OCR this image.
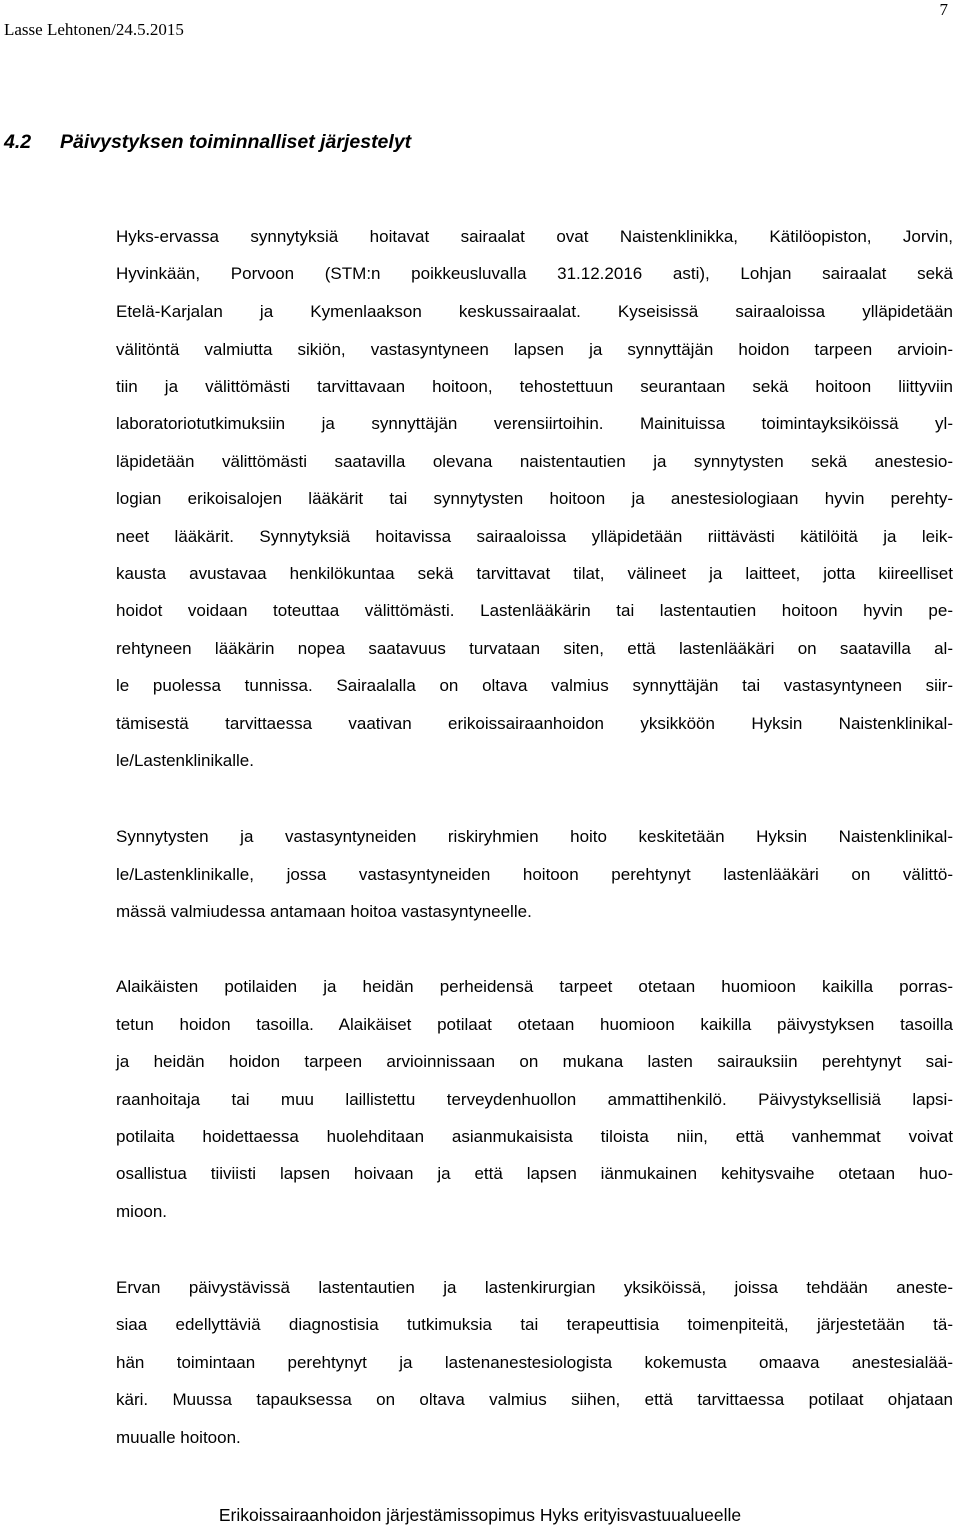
Lasse Lehtonen/24.5.2015
7
4.2 Päivystyksen toiminnalliset järjestelyt
Hyks-ervassa synnytyksiä hoitavat sairaalat ovat Naistenklinikka, Kätilöopiston, Jorvin,
Hyvinkään, Porvoon (STM:n poikkeusluvalla 31.12.2016 asti), Lohjan sairaalat sekä
Etelä-Karjalan ja Kymenlaakson keskussairaalat. Kyseisissä sairaaloissa ylläpidetään
välitöntä valmiutta sikiön, vastasyntyneen lapsen ja synnyttäjän hoidon tarpeen arvioin-
tiin ja välittömästi tarvittavaan hoitoon, tehostettuun seurantaan sekä hoitoon liittyviin
laboratoriotutkimuksiin ja synnyttäjän verensiirtoihin. Mainituissa toimintayksiköissä yl-
läpidetään välittömästi saatavilla olevana naistentautien ja synnytysten sekä anestesio-
logian erikoisalojen lääkärit tai synnytysten hoitoon ja anestesiologiaan hyvin perehty-
neet lääkärit. Synnytyksiä hoitavissa sairaaloissa ylläpidetään riittävästi kätilöitä ja leik-
kausta avustavaa henkilökuntaa sekä tarvittavat tilat, välineet ja laitteet, jotta kiireelliset
hoidot voidaan toteuttaa välittömästi. Lastenlääkärin tai lastentautien hoitoon hyvin pe-
rehtyneen lääkärin nopea saatavuus turvataan siten, että lastenlääkäri on saatavilla al-
le puolessa tunnissa. Sairaalalla on oltava valmius synnyttäjän tai vastasyntyneen siir-
tämisestä tarvittaessa vaativan erikoissairaanhoidon yksikköön Hyksin Naistenklinikal-
le/Lastenklinikalle.
Synnytysten ja vastasyntyneiden riskiryhmien hoito keskitetään Hyksin Naistenklinikal-
le/Lastenklinikalle, jossa vastasyntyneiden hoitoon perehtynyt lastenlääkäri on välittö-
mässä valmiudessa antamaan hoitoa vastasyntyneelle.
Alaikäisten potilaiden ja heidän perheidensä tarpeet otetaan huomioon kaikilla porras-
tetun hoidon tasoilla. Alaikäiset potilaat otetaan huomioon kaikilla päivystyksen tasoilla
ja heidän hoidon tarpeen arvioinnissaan on mukana lasten sairauksiin perehtynyt sai-
raanhoitaja tai muu laillistettu terveydenhuollon ammattihenkilö. Päivystyksellisiä lapsi-
potilaita hoidettaessa huolehditaan asianmukaisista tiloista niin, että vanhemmat voivat
osallistua tiiviisti lapsen hoivaan ja että lapsen iänmukainen kehitysvaihe otetaan huo-
mioon.
Ervan päivystävissä lastentautien ja lastenkirurgian yksiköissä, joissa tehdään aneste-
siaa edellyttäviä diagnostisia tutkimuksia tai terapeuttisia toimenpiteitä, järjestetään tä-
hän toimintaan perehtynyt ja lastenanestesiologista kokemusta omaava anestesialää-
käri. Muussa tapauksessa on oltava valmius siihen, että tarvittaessa potilaat ohjataan
muualle hoitoon.
Erikoissairaanhoidon järjestämissopimus Hyks erityisvastuualueelle
